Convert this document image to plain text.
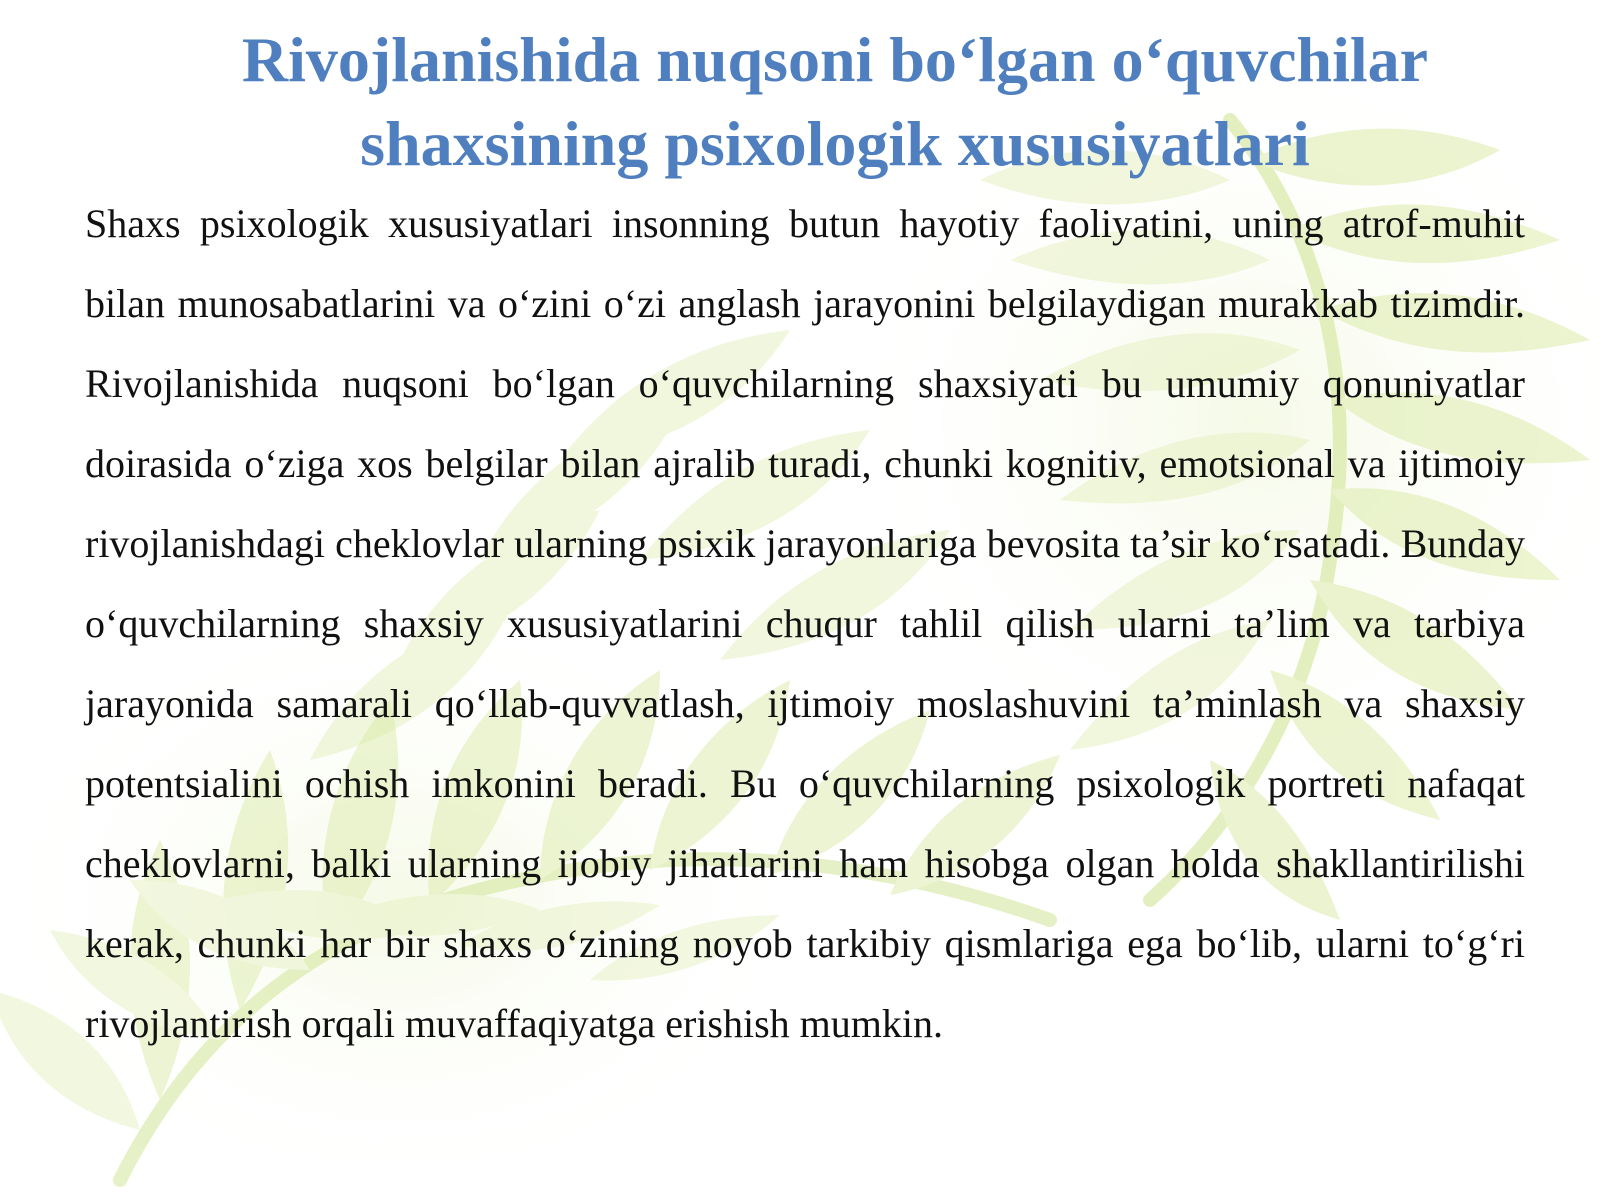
Rivojlanishida nuqsoni bo‘lgan o‘quvchilar shaxsining psixologik xususiyatlari

Shaxs psixologik xususiyatlari insonning butun hayotiy faoliyatini, uning atrof-muhit bilan munosabatlarini va o‘zini o‘zi anglash jarayonini belgilaydigan murakkab tizimdir. Rivojlanishida nuqsoni bo‘lgan o‘quvchilarning shaxsiyati bu umumiy qonuniyatlar doirasida o‘ziga xos belgilar bilan ajralib turadi, chunki kognitiv, emotsional va ijtimoiy rivojlanishdagi cheklovlar ularning psixik jarayonlariga bevosita ta’sir ko‘rsatadi. Bunday o‘quvchilarning shaxsiy xususiyatlarini chuqur tahlil qilish ularni ta’lim va tarbiya jarayonida samarali qo‘llab-quvvatlash, ijtimoiy moslashuvini ta’minlash va shaxsiy potentsialini ochish imkonini beradi. Bu o‘quvchilarning psixologik portreti nafaqat cheklovlarni, balki ularning ijobiy jihatlarini ham hisobga olgan holda shakllantirilishi kerak, chunki har bir shaxs o‘zining noyob tarkibiy qismlariga ega bo‘lib, ularni to‘g‘ri rivojlantirish orqali muvaffaqiyatga erishish mumkin.
